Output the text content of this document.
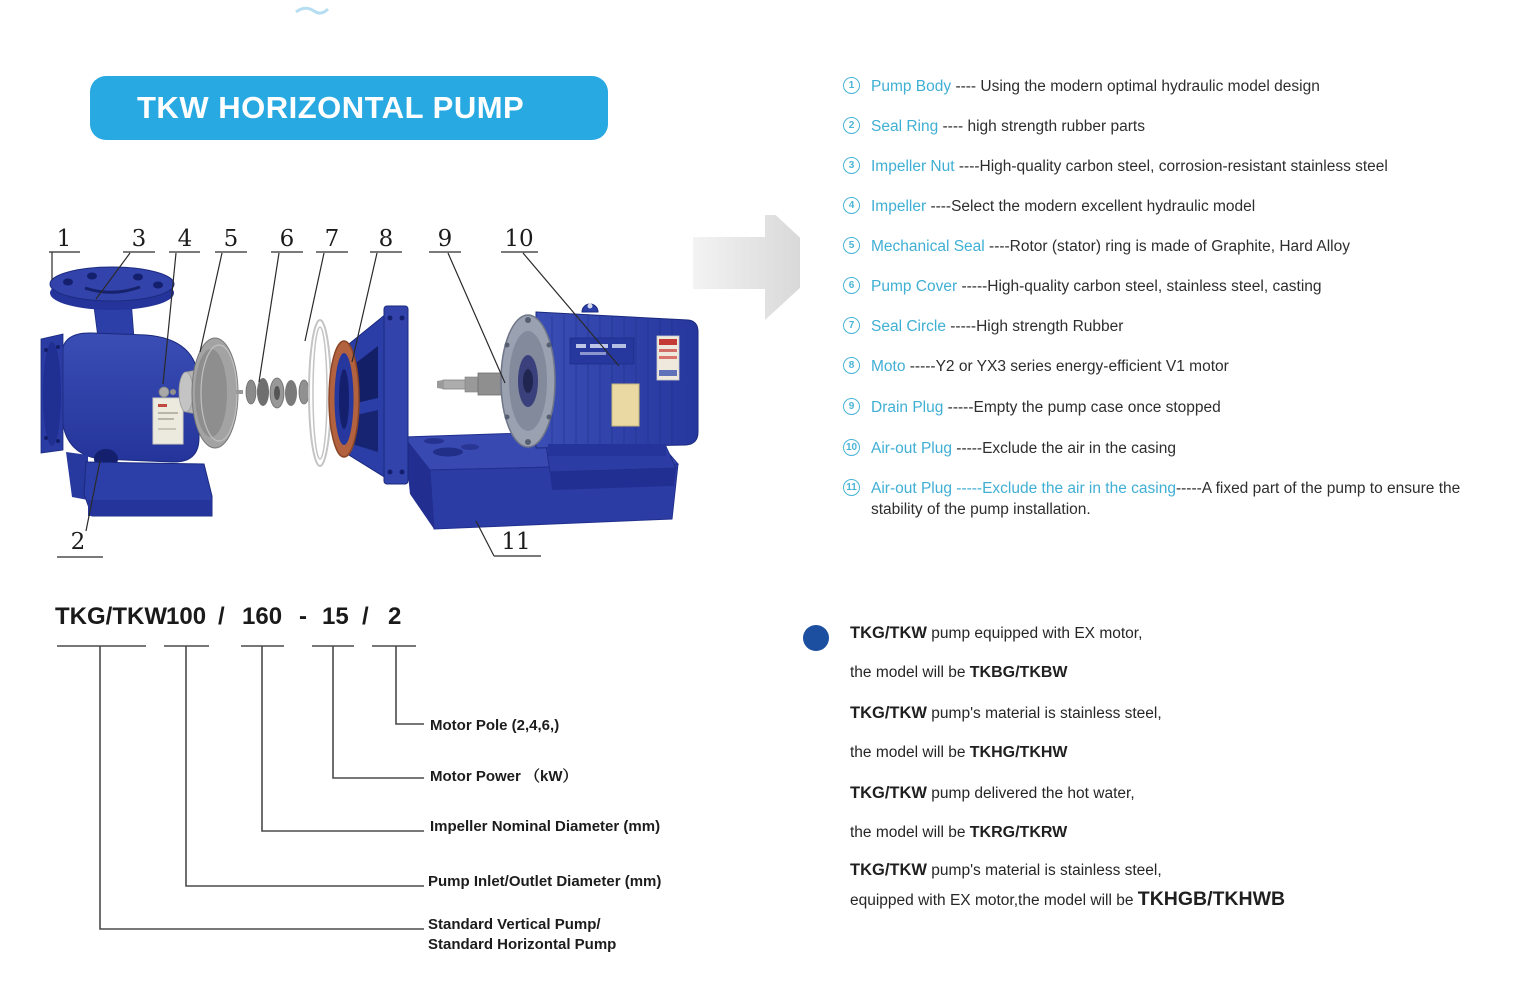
TKW HORIZONTAL PUMP
1	3 4 5 6 7 8 9 10
2	11
1	Pump Body ---- Using the modern optimal hydraulic model design
2	Seal Ring ---- high strength rubber parts
3	Impeller Nut ----High-quality carbon steel, corrosion-resistant stainless steel
4	Impeller ----Select the modern excellent hydraulic model
5	Mechanical Seal ----Rotor (stator) ring is made of Graphite, Hard Alloy
6	Pump Cover -----High-quality carbon steel, stainless steel, casting
7	Seal Circle -----High strength Rubber
8	Moto -----Y2 or YX3 series energy-efficient V1 motor
9	Drain Plug -----Empty the pump case once stopped
10 Air-out Plug -----Exclude the air in the casing
11 Air-out Plug -----Exclude the air in the casing-----A fixed part of the pump to ensure the stability of the pump installation.
TKG/TKW 100 / 160 - 15 / 2
Motor Pole (2,4,6,)
Motor Power （kW）
Impeller Nominal Diameter (mm)
Pump Inlet/Outlet Diameter (mm)
Standard Vertical Pump/
Standard Horizontal Pump
TKG/TKW pump equipped with EX motor,
the model will be TKBG/TKBW
TKG/TKW pump's material is stainless steel,
the model will be TKHG/TKHW
TKG/TKW pump delivered the hot water,
the model will be TKRG/TKRW
TKG/TKW pump's material is stainless steel,
equipped with EX motor,the model will be TKHGB/TKHWB
